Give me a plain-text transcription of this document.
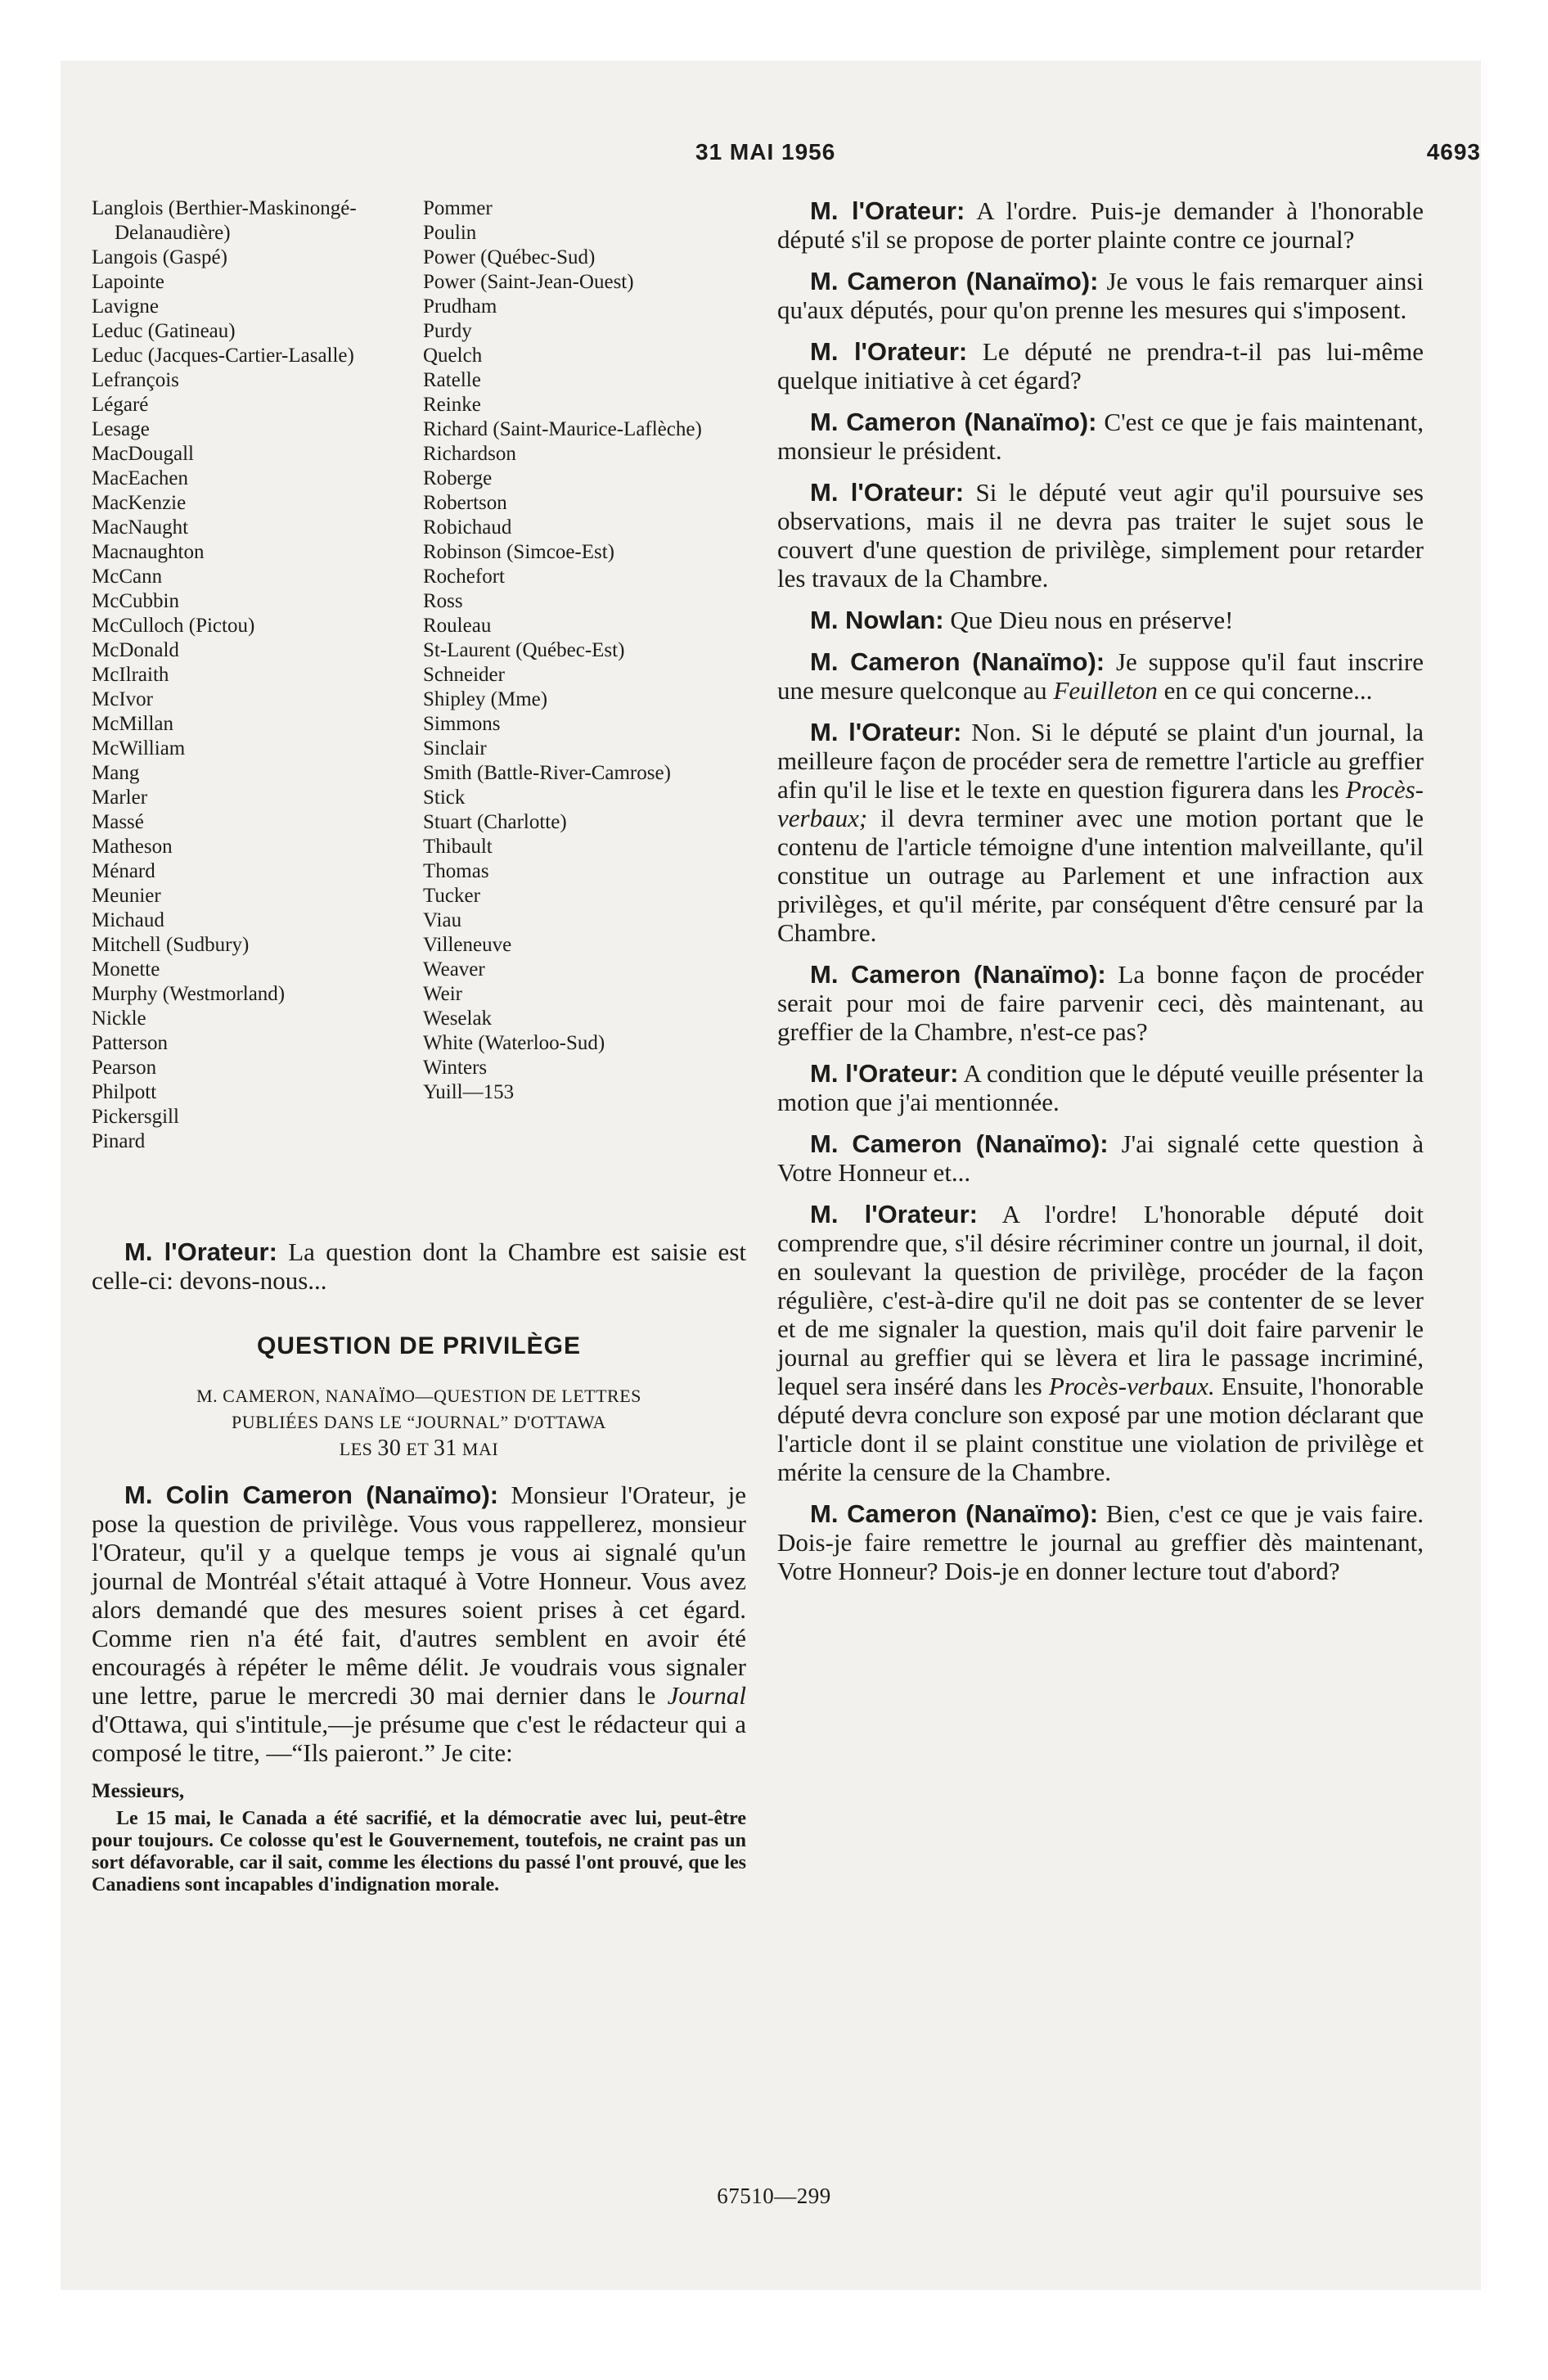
31 MAI 1956	4693
Langlois (Berthier-Maskinongé-Delanaudière)
Langois (Gaspé)
Lapointe
Lavigne
Leduc (Gatineau)
Leduc (Jacques-Cartier-Lasalle)
Lefrançois
Légaré
Lesage
MacDougall
MacEachen
MacKenzie
MacNaught
Macnaughton
McCann
McCubbin
McCulloch (Pictou)
McDonald
McIlraith
McIvor
McMillan
McWilliam
Mang
Marler
Massé
Matheson
Ménard
Meunier
Michaud
Mitchell (Sudbury)
Monette
Murphy (Westmorland)
Nickle
Patterson
Pearson
Philpott
Pickersgill
Pinard
Pommer
Poulin
Power (Québec-Sud)
Power (Saint-Jean-Ouest)
Prudham
Purdy
Quelch
Ratelle
Reinke
Richard (Saint-Maurice-Laflèche)
Richardson
Roberge
Robertson
Robichaud
Robinson (Simcoe-Est)
Rochefort
Ross
Rouleau
St-Laurent (Québec-Est)
Schneider
Shipley (Mme)
Simmons
Sinclair
Smith (Battle-River-Camrose)
Stick
Stuart (Charlotte)
Thibault
Thomas
Tucker
Viau
Villeneuve
Weaver
Weir
Weselak
White (Waterloo-Sud)
Winters
Yuill—153

M. l'Orateur: La question dont la Chambre est saisie est celle-ci: devons-nous...

QUESTION DE PRIVILÈGE
M. CAMERON, NANAÏMO—QUESTION DE LETTRES
PUBLIÉES DANS LE “JOURNAL” D'OTTAWA
LES 30 ET 31 MAI

M. Colin Cameron (Nanaïmo): Monsieur l'Orateur, je pose la question de privilège. Vous vous rappellerez, monsieur l'Orateur, qu'il y a quelque temps je vous ai signalé qu'un journal de Montréal s'était attaqué à Votre Honneur. Vous avez alors demandé que des mesures soient prises à cet égard. Comme rien n'a été fait, d'autres semblent en avoir été encouragés à répéter le même délit. Je voudrais vous signaler une lettre, parue le mercredi 30 mai dernier dans le Journal d'Ottawa, qui s'intitule,—je présume que c'est le rédacteur qui a composé le titre, —“Ils paieront.” Je cite:

Messieurs,

Le 15 mai, le Canada a été sacrifié, et la démocratie avec lui, peut-être pour toujours. Ce colosse qu'est le Gouvernement, toutefois, ne craint pas un sort défavorable, car il sait, comme les élections du passé l'ont prouvé, que les Canadiens sont incapables d'indignation morale.

M. l'Orateur: A l'ordre. Puis-je demander à l'honorable député s'il se propose de porter plainte contre ce journal?

M. Cameron (Nanaïmo): Je vous le fais remarquer ainsi qu'aux députés, pour qu'on prenne les mesures qui s'imposent.

M. l'Orateur: Le député ne prendra-t-il pas lui-même quelque initiative à cet égard?

M. Cameron (Nanaïmo): C'est ce que je fais maintenant, monsieur le président.

M. l'Orateur: Si le député veut agir qu'il poursuive ses observations, mais il ne devra pas traiter le sujet sous le couvert d'une question de privilège, simplement pour retarder les travaux de la Chambre.

M. Nowlan: Que Dieu nous en préserve!

M. Cameron (Nanaïmo): Je suppose qu'il faut inscrire une mesure quelconque au Feuilleton en ce qui concerne...

M. l'Orateur: Non. Si le député se plaint d'un journal, la meilleure façon de procéder sera de remettre l'article au greffier afin qu'il le lise et le texte en question figurera dans les Procès-verbaux; il devra terminer avec une motion portant que le contenu de l'article témoigne d'une intention malveillante, qu'il constitue un outrage au Parlement et une infraction aux privilèges, et qu'il mérite, par conséquent d'être censuré par la Chambre.

M. Cameron (Nanaïmo): La bonne façon de procéder serait pour moi de faire parvenir ceci, dès maintenant, au greffier de la Chambre, n'est-ce pas?

M. l'Orateur: A condition que le député veuille présenter la motion que j'ai mentionnée.

M. Cameron (Nanaïmo): J'ai signalé cette question à Votre Honneur et...

M. l'Orateur: A l'ordre! L'honorable député doit comprendre que, s'il désire récriminer contre un journal, il doit, en soulevant la question de privilège, procéder de la façon régulière, c'est-à-dire qu'il ne doit pas se contenter de se lever et de me signaler la question, mais qu'il doit faire parvenir le journal au greffier qui se lèvera et lira le passage incriminé, lequel sera inséré dans les Procès-verbaux. Ensuite, l'honorable député devra conclure son exposé par une motion déclarant que l'article dont il se plaint constitue une violation de privilège et mérite la censure de la Chambre.

M. Cameron (Nanaïmo): Bien, c'est ce que je vais faire. Dois-je faire remettre le journal au greffier dès maintenant, Votre Honneur? Dois-je en donner lecture tout d'abord?

67510—299
